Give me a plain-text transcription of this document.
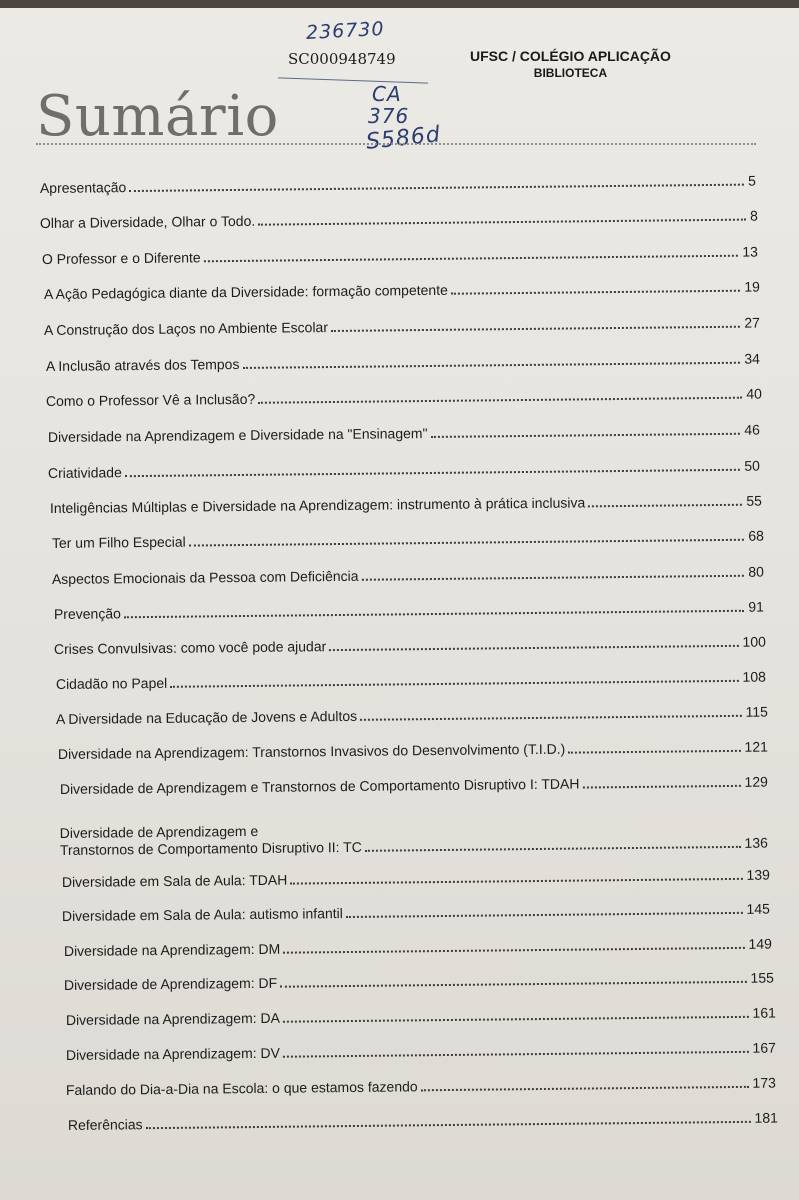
236730
SC000948749	UFSC / COLÉGIO APLICAÇÃO
BIBLIOTECA
CA
376
S586d
Sumário
Apresentação	5
Olhar a Diversidade, Olhar o Todo.	8
O Professor e o Diferente	13
A Ação Pedagógica diante da Diversidade: formação competente	19
A Construção dos Laços no Ambiente Escolar	27
A Inclusão através dos Tempos	34
Como o Professor Vê a Inclusão?	40
Diversidade na Aprendizagem e Diversidade na "Ensinagem"	46
Criatividade	50
Inteligências Múltiplas e Diversidade na Aprendizagem: instrumento à prática inclusiva	55
Ter um Filho Especial	68
Aspectos Emocionais da Pessoa com Deficiência	80
Prevenção	91
Crises Convulsivas: como você pode ajudar	100
Cidadão no Papel	108
A Diversidade na Educação de Jovens e Adultos	115
Diversidade na Aprendizagem: Transtornos Invasivos do Desenvolvimento (T.I.D.)	121
Diversidade de Aprendizagem e Transtornos de Comportamento Disruptivo I: TDAH	129
Diversidade de Aprendizagem e
Transtornos de Comportamento Disruptivo II: TC	136
Diversidade em Sala de Aula: TDAH	139
Diversidade em Sala de Aula: autismo infantil	145
Diversidade na Aprendizagem: DM	149
Diversidade de Aprendizagem: DF	155
Diversidade na Aprendizagem: DA	161
Diversidade na Aprendizagem: DV	167
Falando do Dia-a-Dia na Escola: o que estamos fazendo	173
Referências	181
